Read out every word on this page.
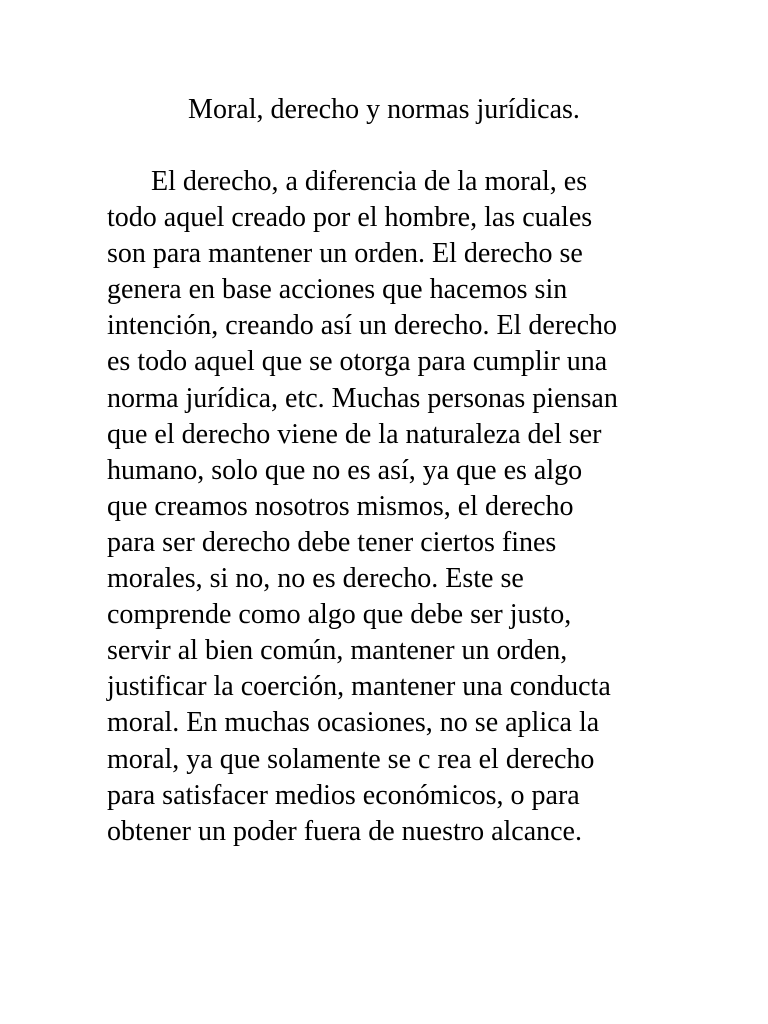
Moral, derecho y normas jurídicas.
El derecho, a diferencia de la moral, es
todo aquel creado por el hombre, las cuales
son para mantener un orden. El derecho se
genera en base acciones que hacemos sin
intención, creando así un derecho. El derecho
es todo aquel que se otorga para cumplir una
norma jurídica, etc. Muchas personas piensan
que el derecho viene de la naturaleza del ser
humano, solo que no es así, ya que es algo
que creamos nosotros mismos, el derecho
para ser derecho debe tener ciertos fines
morales, si no, no es derecho. Este se
comprende como algo que debe ser justo,
servir al bien común, mantener un orden,
justificar la coerción, mantener una conducta
moral. En muchas ocasiones, no se aplica la
moral, ya que solamente se c rea el derecho
para satisfacer medios económicos, o para
obtener un poder fuera de nuestro alcance.
